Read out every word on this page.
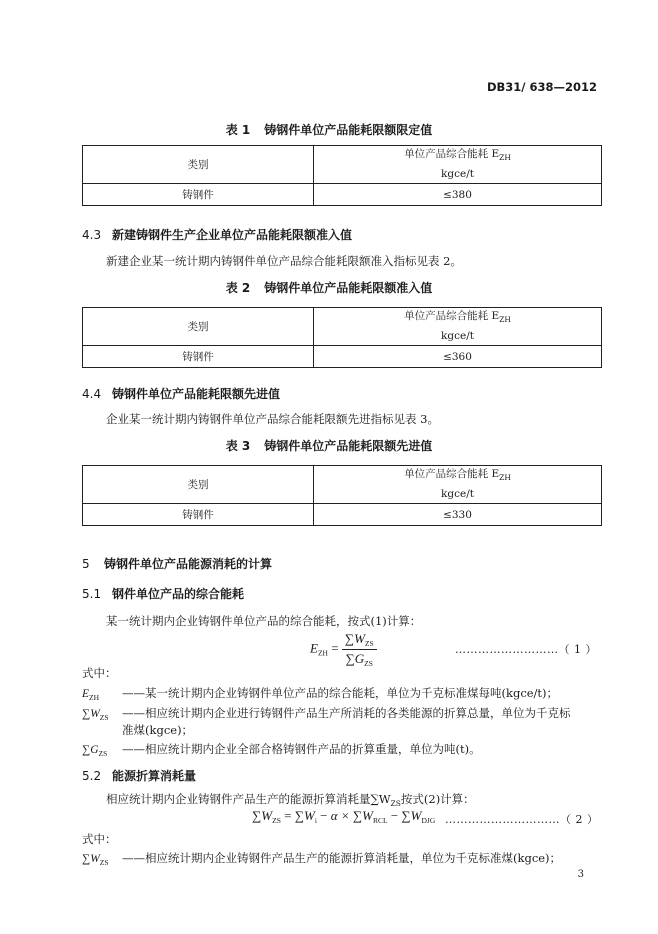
DB31/ 638—2012
表 1 铸钢件单位产品能耗限额限定值
类别	单位产品综合能耗 $E_{ZH}$
kgce/t

铸钢件	≤380
4.3 新建铸钢件生产企业单位产品能耗限额准入值
新建企业某一统计期内铸钢件单位产品综合能耗限额准入指标见表 2。
表 2 铸钢件单位产品能耗限额准入值
类别	单位产品综合能耗 $E_{ZH}$
kgce/t

铸钢件	≤360
4.4 铸钢件单位产品能耗限额先进值
企业某一统计期内铸钢件单位产品综合能耗限额先进指标见表 3。
表 3 铸钢件单位产品能耗限额先进值
类别	单位产品综合能耗 $E_{ZH}$
kgce/t

铸钢件	≤330
5 铸钢件单位产品能源消耗的计算
5.1 钢件单位产品的综合能耗
某一统计期内企业铸钢件单位产品的综合能耗，按式(1)计算：
$E_{ZH} = \frac{\sum W_{ZS}}{\sum G_{ZS}}$	………………………（ 1 ）
式中：
$E_{ZH}$ ——某一统计期内企业铸钢件单位产品的综合能耗，单位为千克标准煤每吨(kgce/t)；
$\sum W_{ZS}$ ——相应统计期内企业进行铸钢件产品生产所消耗的各类能源的折算总量，单位为千克标
准煤(kgce)；
$\sum G_{ZS}$ ——相应统计期内企业全部合格铸钢件产品的折算重量，单位为吨(t)。
5.2 能源折算消耗量
相应统计期内企业铸钢件产品生产的能源折算消耗量$\sum W_{ZS}$按式(2)计算：
$\sum W_{ZS} = \sum W_i - \alpha \times \sum W_{RCL} - \sum W_{DJG}$ …………………………（ 2 ）
式中：
$\sum W_{ZS}$ ——相应统计期内企业铸钢件产品生产的能源折算消耗量，单位为千克标准煤(kgce)；
3
